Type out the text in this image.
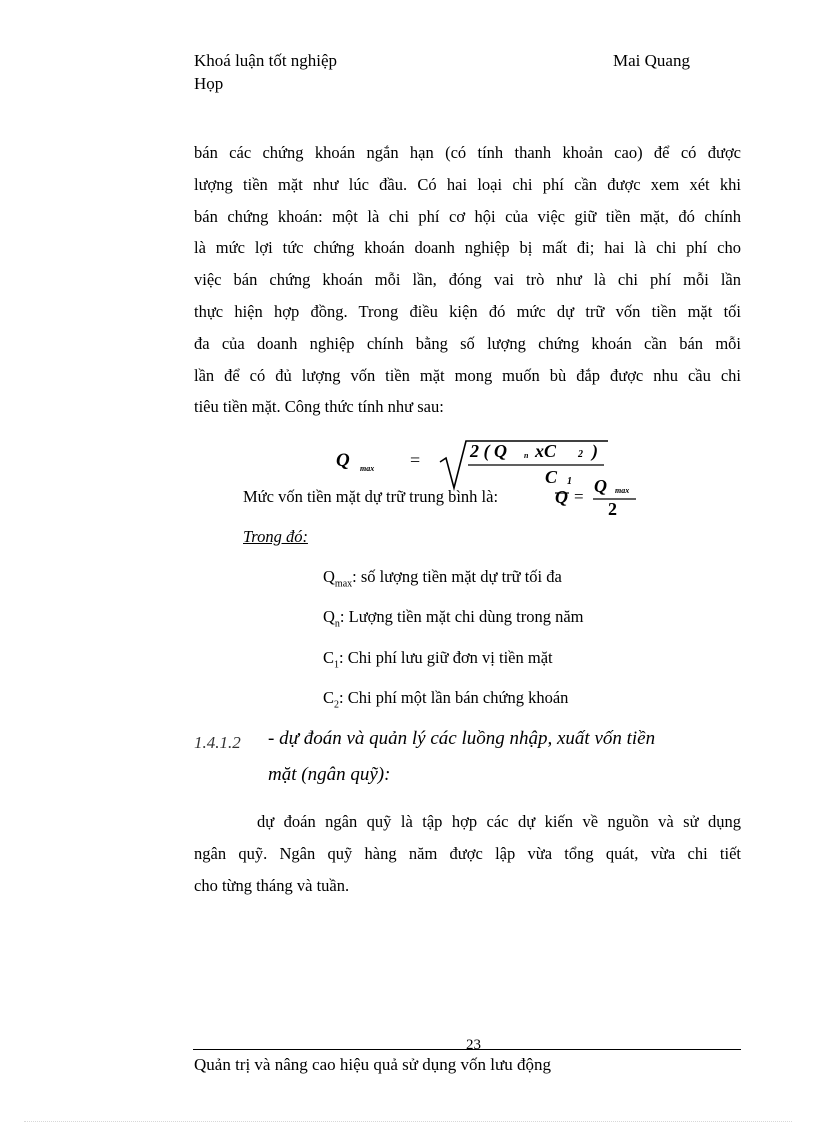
Khoá luận tốt nghiệp
Họp
Mai Quang
bán các chứng khoán ngắn hạn (có tính thanh khoản cao) để có được
lượng tiền mặt như lúc đầu. Có hai loại chi phí cần được xem xét khi
bán chứng khoán: một là chi phí cơ hội của việc giữ tiền mặt, đó chính
là mức lợi tức chứng khoán doanh nghiệp bị mất đi; hai là chi phí cho
việc bán chứng khoán mỗi lần, đóng vai trò như là chi phí mỗi lần
thực hiện hợp đồng. Trong điều kiện đó mức dự trữ vốn tiền mặt tối
đa của doanh nghiệp chính bằng số lượng chứng khoán cần bán mỗi
lần để có đủ lượng vốn tiền mặt mong muốn bù đắp được nhu cầu chi
tiêu tiền mặt. Công thức tính như sau:
Q max =	2 ( Q n xC 2 )
C 1
Mức vốn tiền mặt dự trữ trung bình là:	Q =
Q max
2
Trong đó:
$Q_{max}$: số lượng tiền mặt dự trữ tối đa
$Q_n$: Lượng tiền mặt chi dùng trong năm
$C_1$: Chi phí lưu giữ đơn vị tiền mặt
$C_2$: Chi phí một lần bán chứng khoán
1.4.1.2 - dự đoán và quản lý các luồng nhập, xuất vốn tiền
mặt (ngân quỹ):
dự đoán ngân quỹ là tập hợp các dự kiến về nguồn và sử dụng
ngân quỹ. Ngân quỹ hàng năm được lập vừa tổng quát, vừa chi tiết
cho từng tháng và tuần.
23
Quản trị và nâng cao hiệu quả sử dụng vốn lưu động
